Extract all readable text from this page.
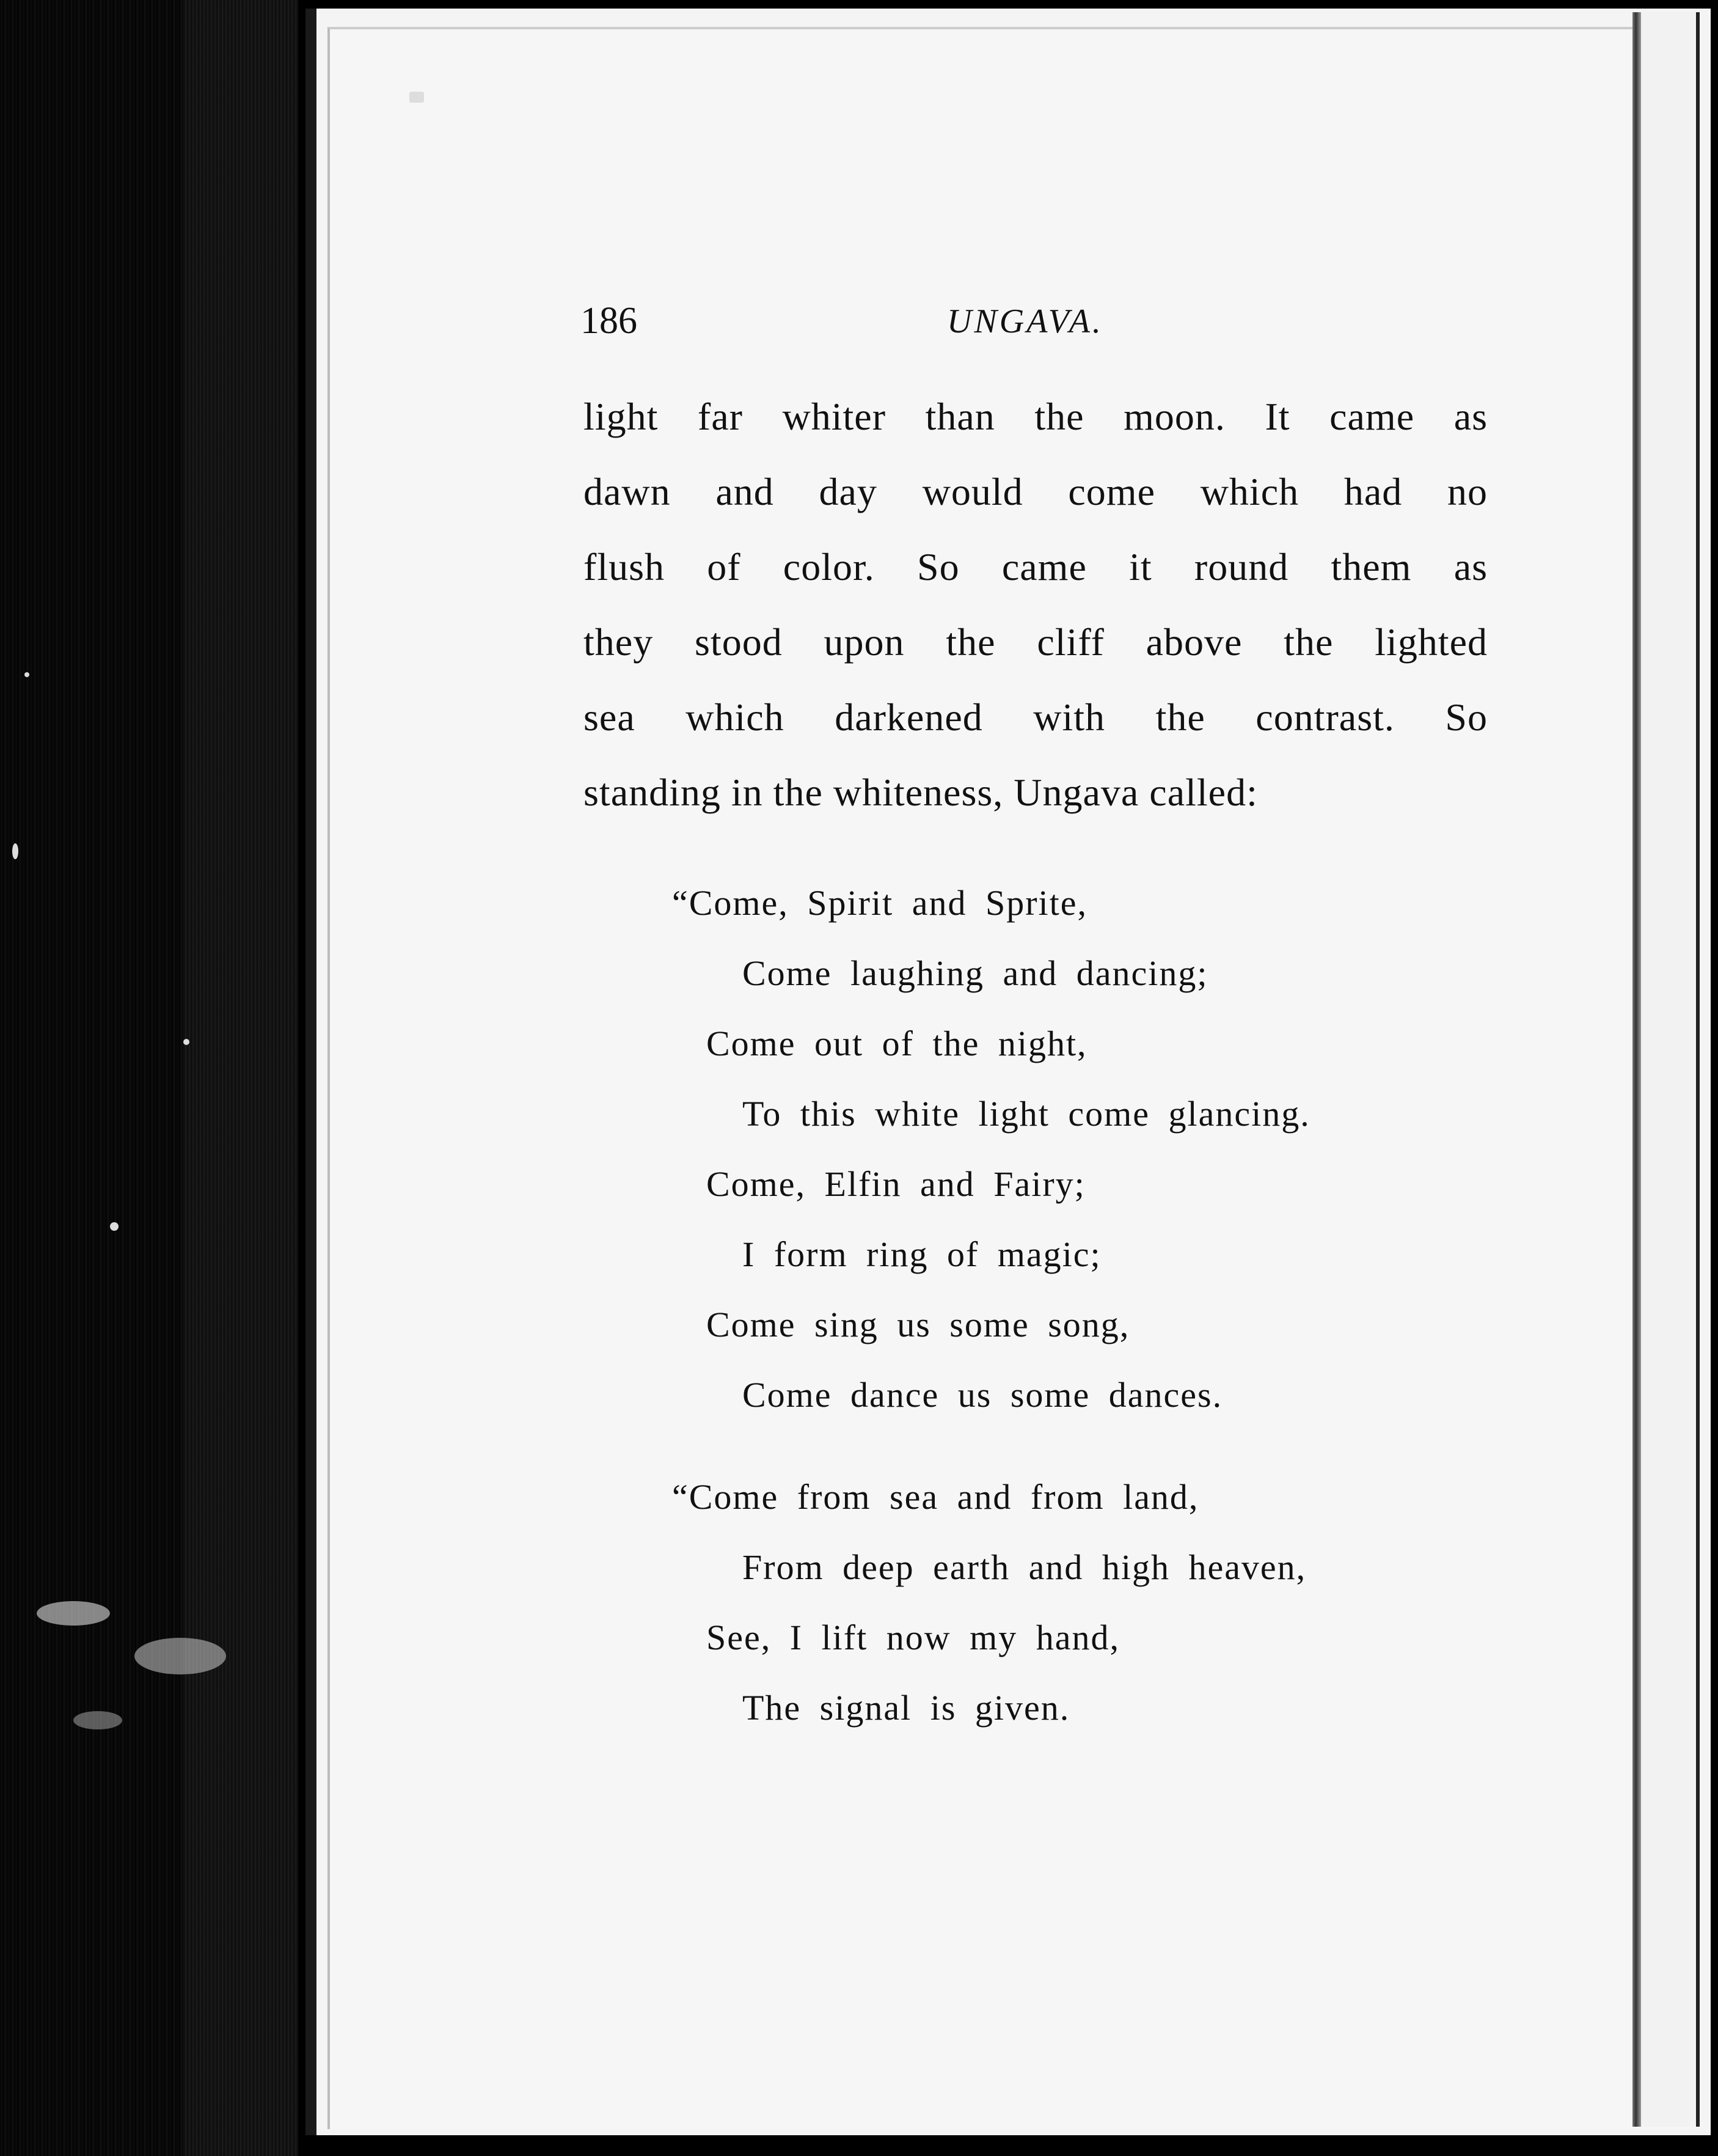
186	UNGAVA.
light far whiter than the moon. It came as
dawn and day would come which had no
flush of color. So came it round them as
they stood upon the cliff above the lighted
sea which darkened with the contrast. So
standing in the whiteness, Ungava called:
“Come, Spirit and Sprite,
Come laughing and dancing;
Come out of the night,
To this white light come glancing.
Come, Elfin and Fairy;
I form ring of magic;
Come sing us some song,
Come dance us some dances.
“Come from sea and from land,
From deep earth and high heaven,
See, I lift now my hand,
The signal is given.
